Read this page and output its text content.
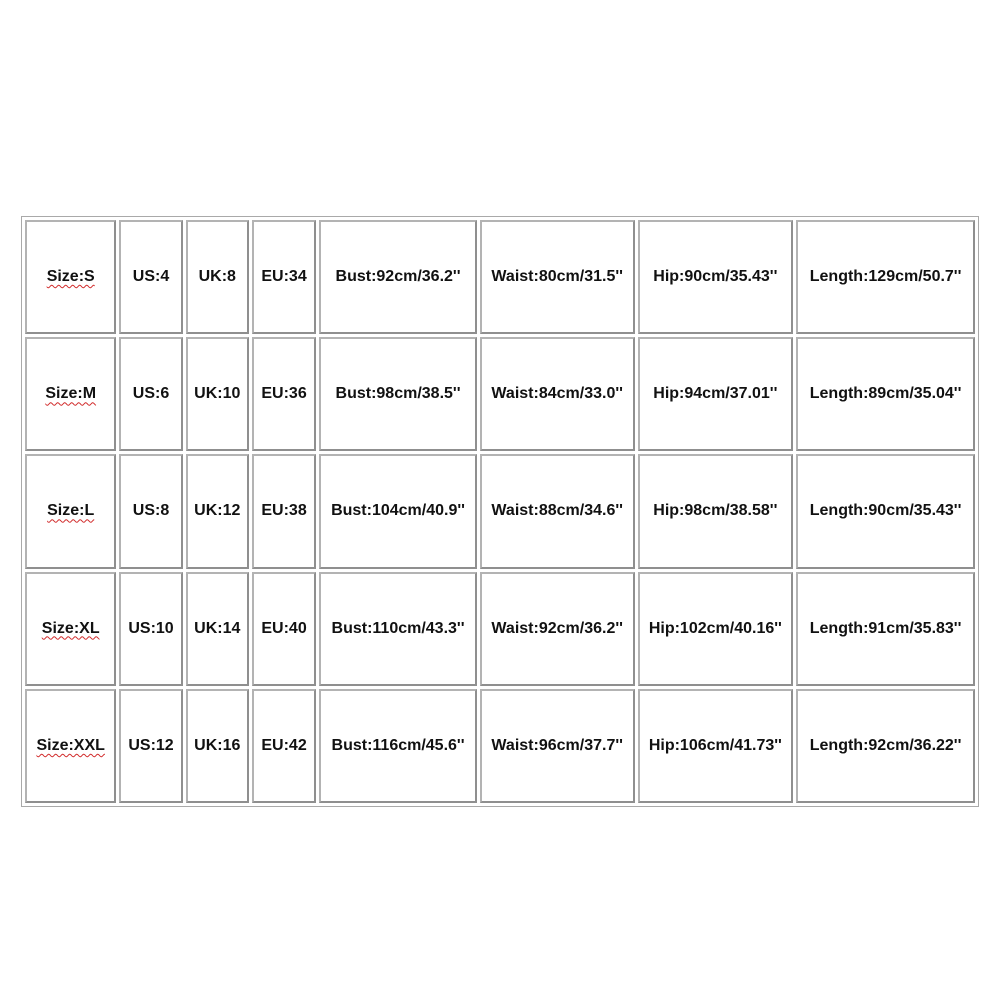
Size:S	US:4	UK:8	EU:34	Bust:92cm/36.2''	Waist:80cm/31.5''	Hip:90cm/35.43''	Length:129cm/50.7''
Size:M	US:6	UK:10	EU:36	Bust:98cm/38.5''	Waist:84cm/33.0''	Hip:94cm/37.01''	Length:89cm/35.04''
Size:L	US:8	UK:12	EU:38	Bust:104cm/40.9''	Waist:88cm/34.6''	Hip:98cm/38.58''	Length:90cm/35.43''
Size:XL	US:10	UK:14	EU:40	Bust:110cm/43.3''	Waist:92cm/36.2''	Hip:102cm/40.16''	Length:91cm/35.83''
Size:XXL	US:12	UK:16	EU:42	Bust:116cm/45.6''	Waist:96cm/37.7''	Hip:106cm/41.73''	Length:92cm/36.22''
